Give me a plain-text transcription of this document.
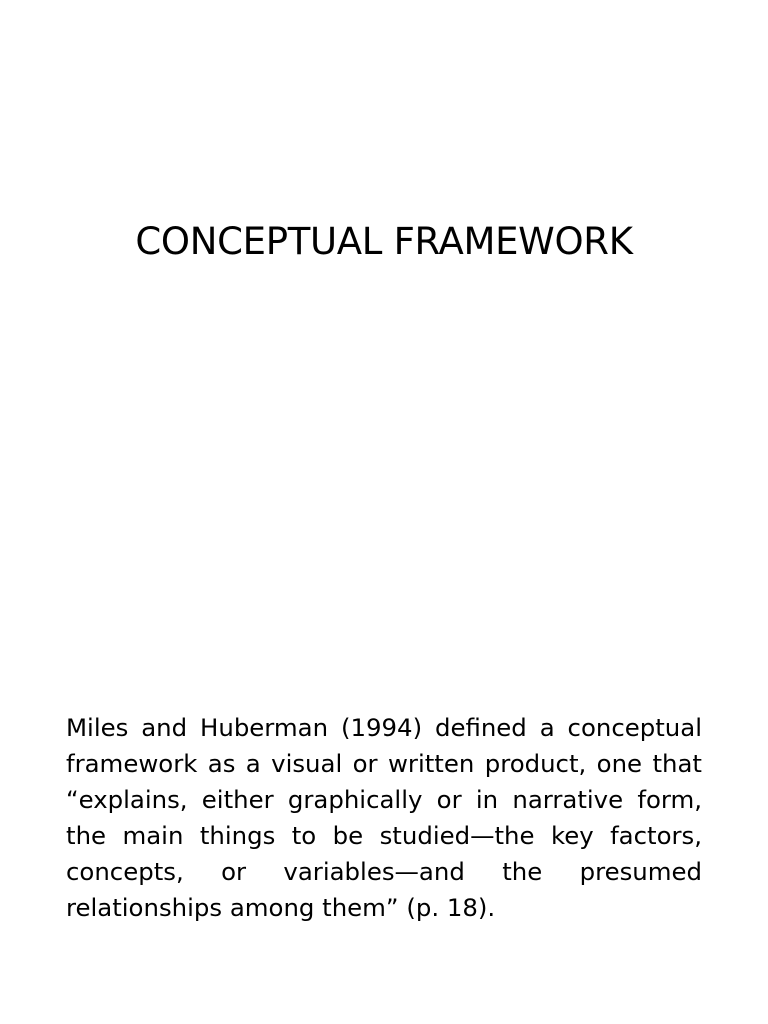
CONCEPTUAL FRAMEWORK

Miles and Huberman (1994) defined a conceptual framework as a visual or written product, one that “explains, either graphically or in narrative form, the main things to be studied—the key factors, concepts, or variables—and the presumed relationships among them” (p. 18).
